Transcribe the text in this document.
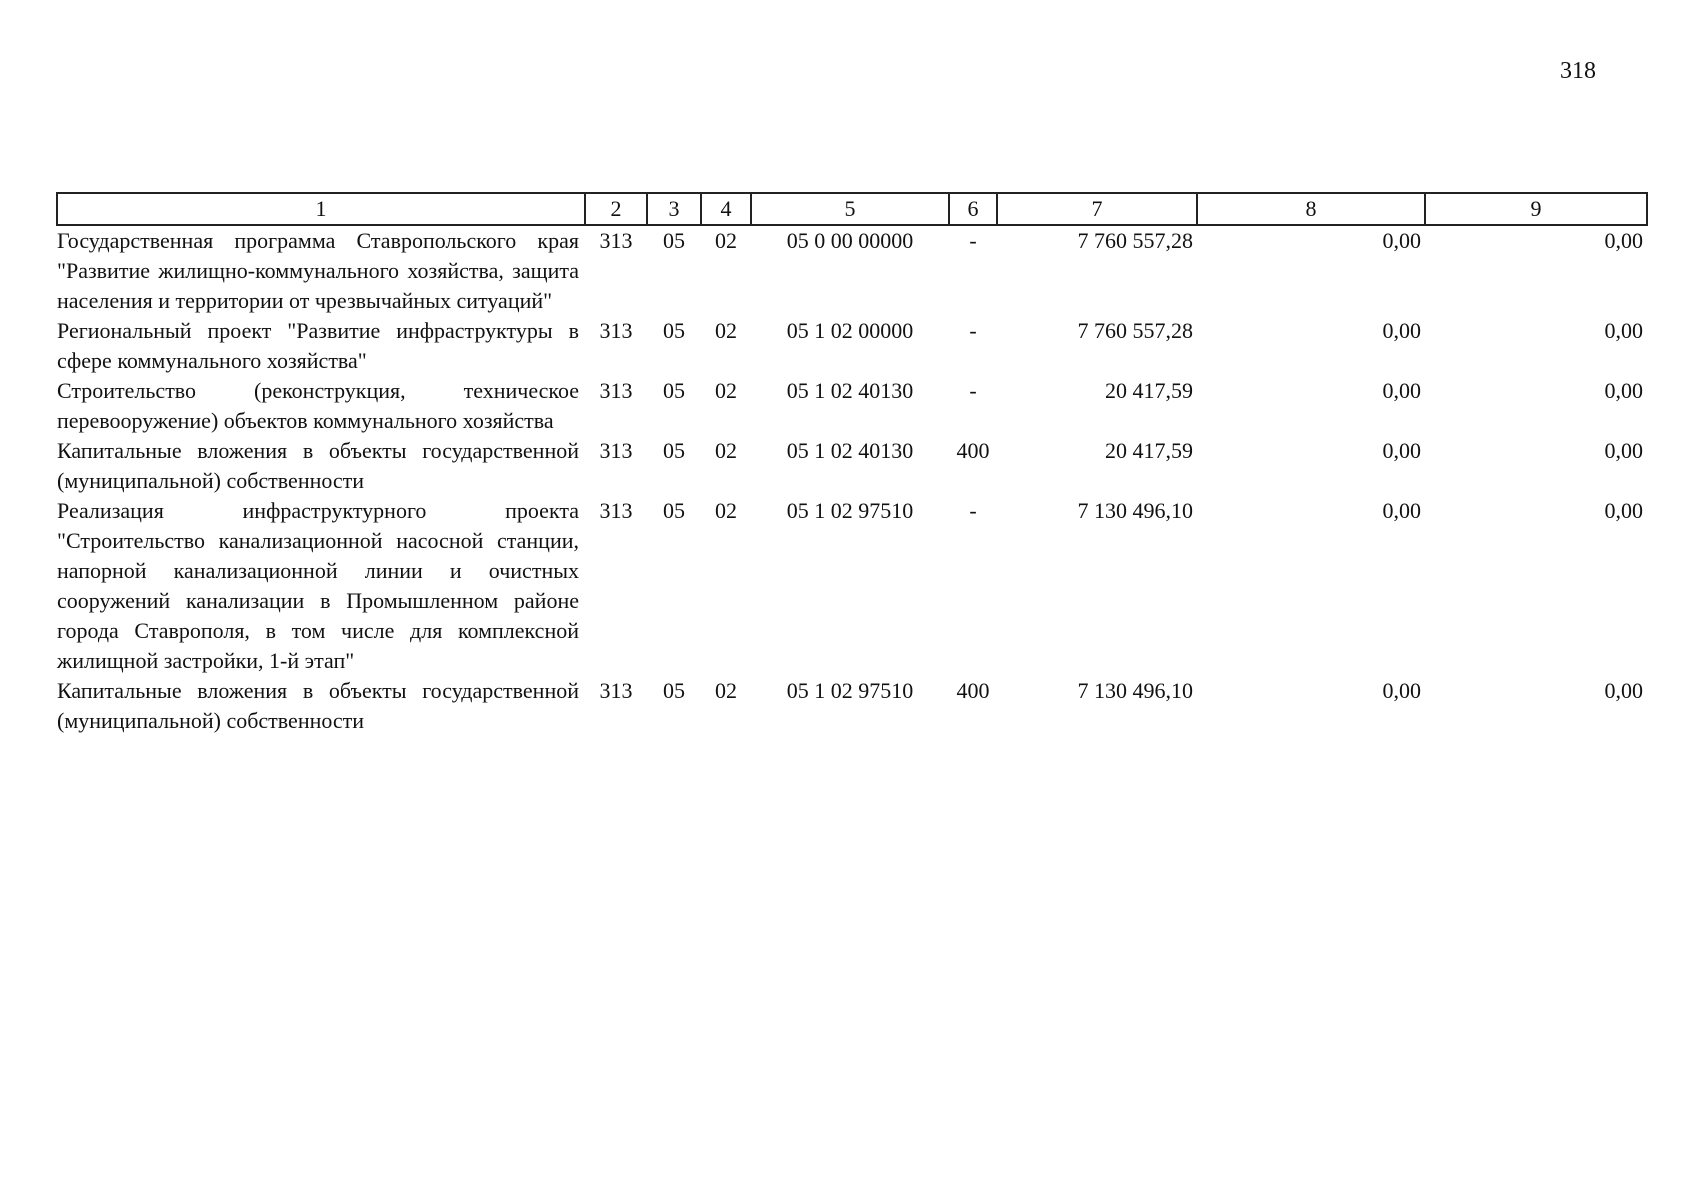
318
1	2	3	4	5	6	7	8	9
Государственная программа Ставропольского края "Развитие жилищно-коммунального хозяйства, защита населения и территории от чрезвычайных ситуаций"	313	05	02	05 0 00 00000	-	7 760 557,28	0,00	0,00
Региональный проект "Развитие инфраструктуры в сфере коммунального хозяйства"	313	05	02	05 1 02 00000	-	7 760 557,28	0,00	0,00
Строительство (реконструкция, техническое перевооружение) объектов коммунального хозяйства	313	05	02	05 1 02 40130	-	20 417,59	0,00	0,00
Капитальные вложения в объекты государственной (муниципальной) собственности	313	05	02	05 1 02 40130	400	20 417,59	0,00	0,00
Реализация инфраструктурного проекта "Строительство канализационной насосной станции, напорной канализационной линии и очистных сооружений канализации в Промышленном районе города Ставрополя, в том числе для комплексной жилищной застройки, 1-й этап"	313	05	02	05 1 02 97510	-	7 130 496,10	0,00	0,00
Капитальные вложения в объекты государственной (муниципальной) собственности	313	05	02	05 1 02 97510	400	7 130 496,10	0,00	0,00
